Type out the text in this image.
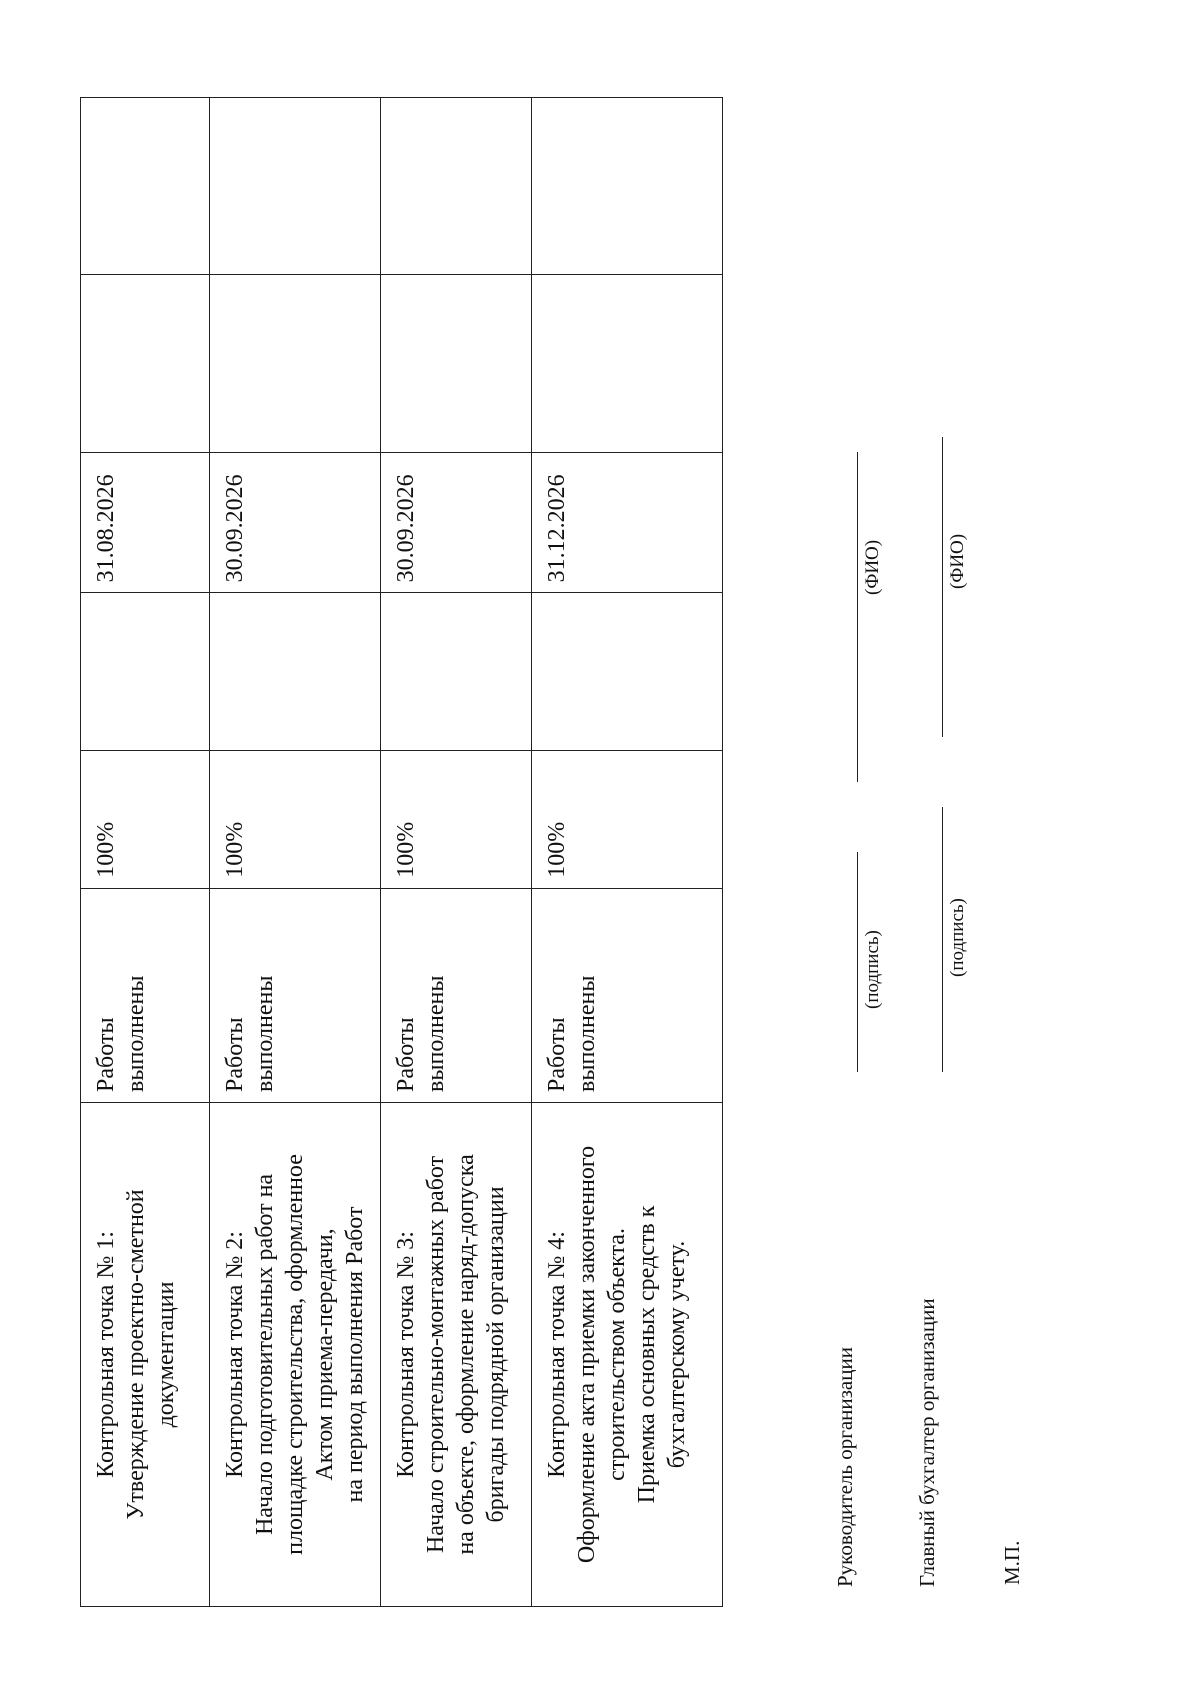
Контрольная точка № 1: Утверждение проектно-сметной документации	Работы выполнены	100%		31.08.2026		

Контрольная точка № 2: Начало подготовительных работ на площадке строительства, оформленное Актом приема-передачи, на период выполнения Работ	Работы выполнены	100%		30.09.2026		

Контрольная точка № 3: Начало строительно-монтажных работ на объекте, оформление наряд-допуска бригады подрядной организации	Работы выполнены	100%		30.09.2026		

Контрольная точка № 4: Оформление акта приемки законченного строительством объекта. Приемка основных средств к бухгалтерскому учету.	Работы выполнены	100%		31.12.2026		
Руководитель организации
(подпись)
(ФИО)
Главный бухгалтер организации
(подпись)
(ФИО)
М.П.
